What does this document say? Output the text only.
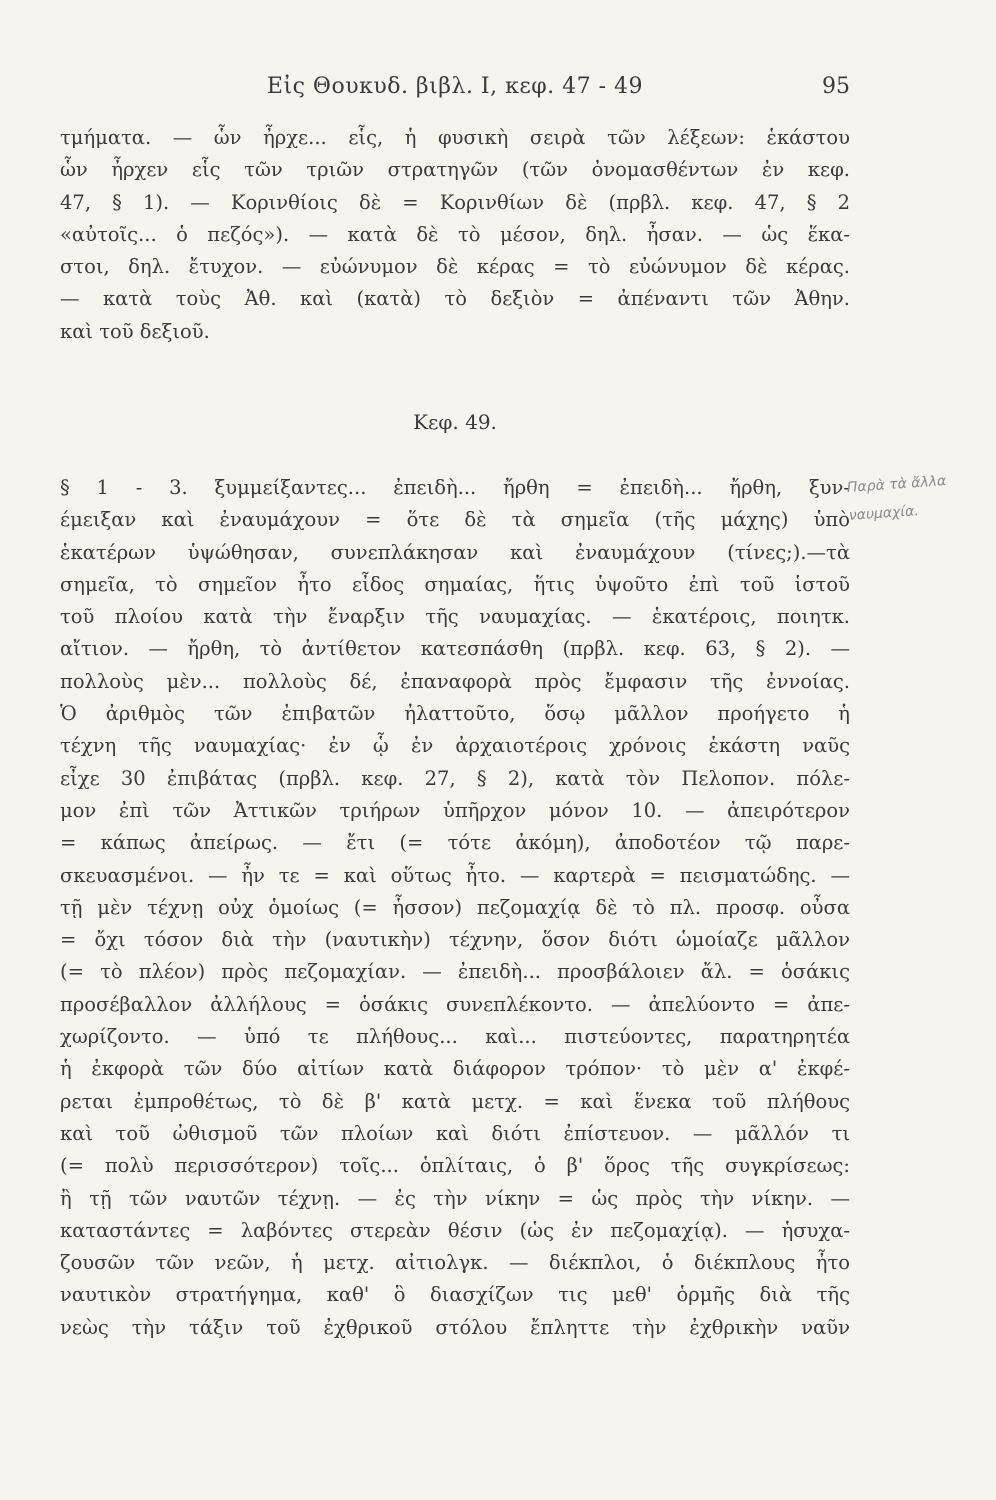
Εἰς Θουκυδ. βιβλ. Ι, κεφ. 47 - 49	95
τμήματα. — ὧν ἦρχε... εἷς, ἡ φυσικὴ σειρὰ τῶν λέξεων: ἑκάστου
ὧν ἦρχεν εἷς τῶν τριῶν στρατηγῶν (τῶν ὀνομασθέντων ἐν κεφ.
47, § 1). — Κορινθίοις δὲ = Κορινθίων δὲ (πρβλ. κεφ. 47, § 2
«αὐτοῖς... ὁ πεζός»). — κατὰ δὲ τὸ μέσον, δηλ. ἦσαν. — ὡς ἕκα-
στοι, δηλ. ἔτυχον. — εὐώνυμον δὲ κέρας = τὸ εὐώνυμον δὲ κέρας.
— κατὰ τοὺς Ἀθ. καὶ (κατὰ) τὸ δεξιὸν = ἀπέναντι τῶν Ἀθην.
καὶ τοῦ δεξιοῦ.
Κεφ. 49.
§ 1 - 3. ξυμμείξαντες... ἐπειδὴ... ἤρθη = ἐπειδὴ... ἤρθη, ξυν-
έμειξαν καὶ ἐναυμάχουν = ὅτε δὲ τὰ σημεῖα (τῆς μάχης) ὑπὸ
ἑκατέρων ὑψώθησαν, συνεπλάκησαν καὶ ἐναυμάχουν (τίνες;).—τὰ
σημεῖα, τὸ σημεῖον ἦτο εἶδος σημαίας, ἥτις ὑψοῦτο ἐπὶ τοῦ ἱστοῦ
τοῦ πλοίου κατὰ τὴν ἔναρξιν τῆς ναυμαχίας. — ἑκατέροις, ποιητκ.
αἴτιον. — ἤρθη, τὸ ἀντίθετον κατεσπάσθη (πρβλ. κεφ. 63, § 2). —
πολλοὺς μὲν... πολλοὺς δέ, ἐπαναφορὰ πρὸς ἔμφασιν τῆς ἐννοίας.
Ὁ ἀριθμὸς τῶν ἐπιβατῶν ἠλαττοῦτο, ὅσῳ μᾶλλον προήγετο ἡ
τέχνη τῆς ναυμαχίας· ἐν ᾧ ἐν ἀρχαιοτέροις χρόνοις ἑκάστη ναῦς
εἶχε 30 ἐπιβάτας (πρβλ. κεφ. 27, § 2), κατὰ τὸν Πελοπον. πόλε-
μον ἐπὶ τῶν Ἀττικῶν τριήρων ὑπῆρχον μόνον 10. — ἀπειρότερον
= κάπως ἀπείρως. — ἔτι (= τότε ἀκόμη), ἀποδοτέον τῷ παρε-
σκευασμένοι. — ἦν τε = καὶ οὕτως ἦτο. — καρτερὰ = πεισματώδης. —
τῇ μὲν τέχνῃ οὐχ ὁμοίως (= ἧσσον) πεζομαχίᾳ δὲ τὸ πλ. προσφ. οὖσα
= ὄχι τόσον διὰ τὴν (ναυτικὴν) τέχνην, ὅσον διότι ὡμοίαζε μᾶλλον
(= τὸ πλέον) πρὸς πεζομαχίαν. — ἐπειδὴ... προσβάλοιεν ἄλ. = ὁσάκις
προσέβαλλον ἀλλήλους = ὁσάκις συνεπλέκοντο. — ἀπελύοντο = ἀπε-
χωρίζοντο. — ὑπό τε πλήθους... καὶ... πιστεύοντες, παρατηρητέα
ἡ ἐκφορὰ τῶν δύο αἰτίων κατὰ διάφορον τρόπον· τὸ μὲν α' ἐκφέ-
ρεται ἐμπροθέτως, τὸ δὲ β' κατὰ μετχ. = καὶ ἕνεκα τοῦ πλήθους
καὶ τοῦ ὠθισμοῦ τῶν πλοίων καὶ διότι ἐπίστευον. — μᾶλλόν τι
(= πολὺ περισσότερον) τοῖς... ὁπλίταις, ὁ β' ὅρος τῆς συγκρίσεως:
ἢ τῇ τῶν ναυτῶν τέχνῃ. — ἐς τὴν νίκην = ὡς πρὸς τὴν νίκην. —
καταστάντες = λαβόντες στερεὰν θέσιν (ὡς ἐν πεζομαχίᾳ). — ἡσυχα-
ζουσῶν τῶν νεῶν, ἡ μετχ. αἰτιολγκ. — διέκπλοι, ὁ διέκπλους ἦτο
ναυτικὸν στρατήγημα, καθ' ὃ διασχίζων τις μεθ' ὁρμῆς διὰ τῆς
νεὼς τὴν τάξιν τοῦ ἐχθρικοῦ στόλου ἔπληττε τὴν ἐχθρικὴν ναῦν
Παρὰ τὰ ἄλλα
ναυμαχία.
